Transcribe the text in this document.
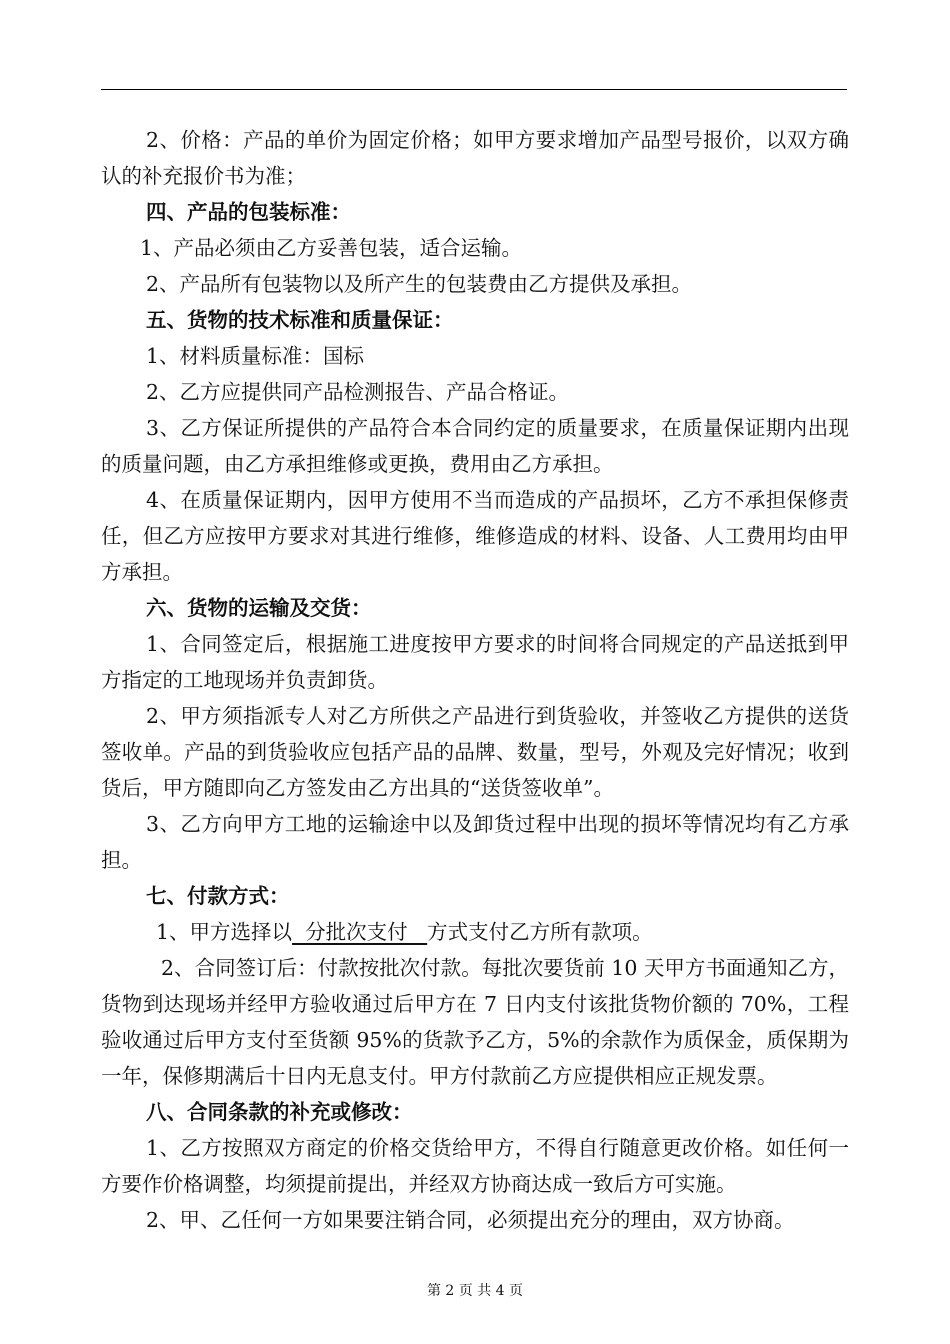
2、价格：产品的单价为固定价格；如甲方要求增加产品型号报价，以双方确认的补充报价书为准；
四、产品的包装标准：
1、产品必须由乙方妥善包装，适合运输。
2、产品所有包装物以及所产生的包装费由乙方提供及承担。
五、货物的技术标准和质量保证：
1、材料质量标准：国标
2、乙方应提供同产品检测报告、产品合格证。
3、乙方保证所提供的产品符合本合同约定的质量要求，在质量保证期内出现的质量问题，由乙方承担维修或更换，费用由乙方承担。
4、在质量保证期内，因甲方使用不当而造成的产品损坏，乙方不承担保修责任，但乙方应按甲方要求对其进行维修，维修造成的材料、设备、人工费用均由甲方承担。
六、货物的运输及交货：
1、合同签定后，根据施工进度按甲方要求的时间将合同规定的产品送抵到甲方指定的工地现场并负责卸货。
2、甲方须指派专人对乙方所供之产品进行到货验收，并签收乙方提供的送货签收单。产品的到货验收应包括产品的品牌、数量，型号，外观及完好情况；收到货后，甲方随即向乙方签发由乙方出具的“送货签收单”。
3、乙方向甲方工地的运输途中以及卸货过程中出现的损坏等情况均有乙方承担。
七、付款方式：
1、甲方选择以  分批次支付   方式支付乙方所有款项。
2、合同签订后：付款按批次付款。每批次要货前 10 天甲方书面通知乙方，货物到达现场并经甲方验收通过后甲方在 7 日内支付该批货物价额的 70%，工程验收通过后甲方支付至货额 95%的货款予乙方，5%的余款作为质保金，质保期为一年，保修期满后十日内无息支付。甲方付款前乙方应提供相应正规发票。
八、合同条款的补充或修改：
1、乙方按照双方商定的价格交货给甲方，不得自行随意更改价格。如任何一方要作价格调整，均须提前提出，并经双方协商达成一致后方可实施。
2、甲、乙任何一方如果要注销合同，必须提出充分的理由，双方协商。
第 2 页 共 4 页
